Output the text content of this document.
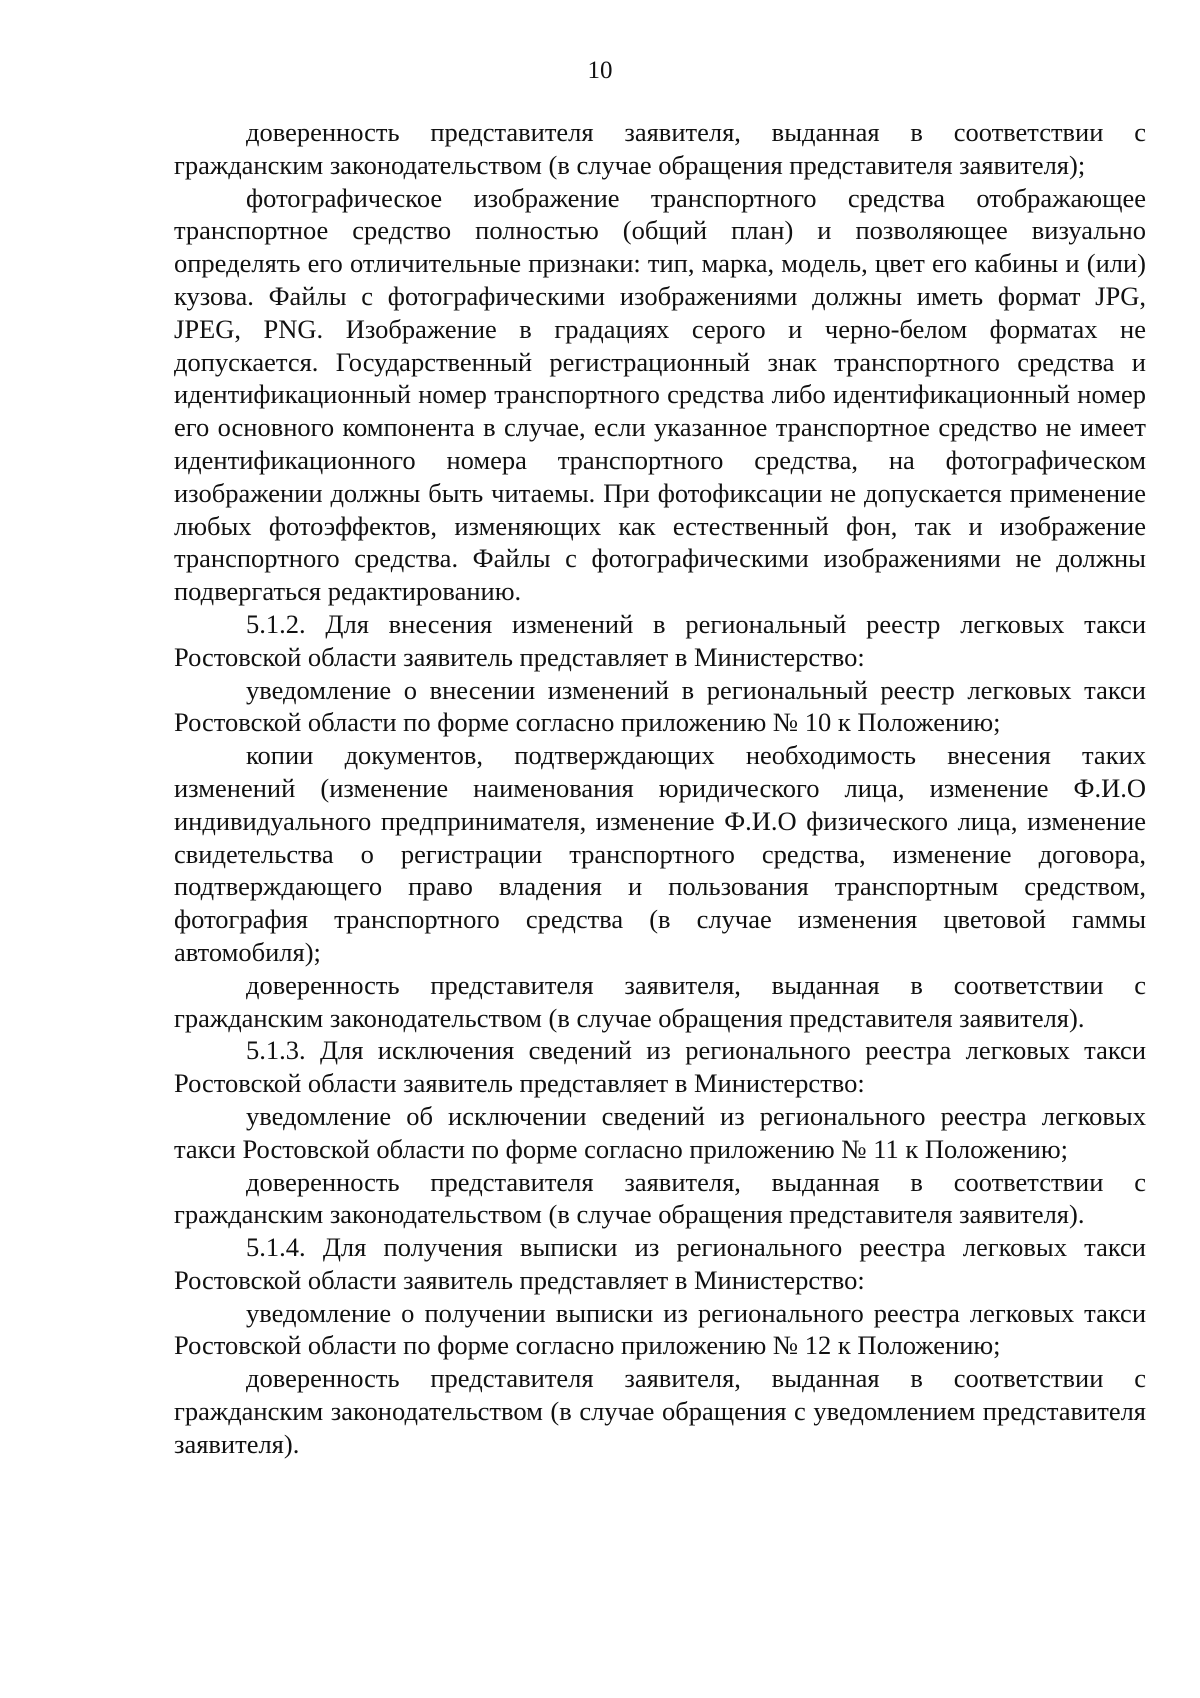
10

доверенность представителя заявителя, выданная в соответствии с гражданским законодательством (в случае обращения представителя заявителя);

фотографическое изображение транспортного средства отображающее транспортное средство полностью (общий план) и позволяющее визуально определять его отличительные признаки: тип, марка, модель, цвет его кабины и (или) кузова. Файлы с фотографическими изображениями должны иметь формат JPG, JPEG, PNG. Изображение в градациях серого и черно-белом форматах не допускается. Государственный регистрационный знак транспортного средства и идентификационный номер транспортного средства либо идентификационный номер его основного компонента в случае, если указанное транспортное средство не имеет идентификационного номера транспортного средства, на фотографическом изображении должны быть читаемы. При фотофиксации не допускается применение любых фотоэффектов, изменяющих как естественный фон, так и изображение транспортного средства. Файлы с фотографическими изображениями не должны подвергаться редактированию.

5.1.2. Для внесения изменений в региональный реестр легковых такси Ростовской области заявитель представляет в Министерство:

уведомление о внесении изменений в региональный реестр легковых такси Ростовской области по форме согласно приложению № 10 к Положению;

копии документов, подтверждающих необходимость внесения таких изменений (изменение наименования юридического лица, изменение Ф.И.О индивидуального предпринимателя, изменение Ф.И.О физического лица, изменение свидетельства о регистрации транспортного средства, изменение договора, подтверждающего право владения и пользования транспортным средством, фотография транспортного средства (в случае изменения цветовой гаммы автомобиля);

доверенность представителя заявителя, выданная в соответствии с гражданским законодательством (в случае обращения представителя заявителя).

5.1.3. Для исключения сведений из регионального реестра легковых такси Ростовской области заявитель представляет в Министерство:

уведомление об исключении сведений из регионального реестра легковых такси Ростовской области по форме согласно приложению № 11 к Положению;

доверенность представителя заявителя, выданная в соответствии с гражданским законодательством (в случае обращения представителя заявителя).

5.1.4. Для получения выписки из регионального реестра легковых такси Ростовской области заявитель представляет в Министерство:

уведомление о получении выписки из регионального реестра легковых такси Ростовской области по форме согласно приложению № 12 к Положению;

доверенность представителя заявителя, выданная в соответствии с гражданским законодательством (в случае обращения с уведомлением представителя заявителя).
